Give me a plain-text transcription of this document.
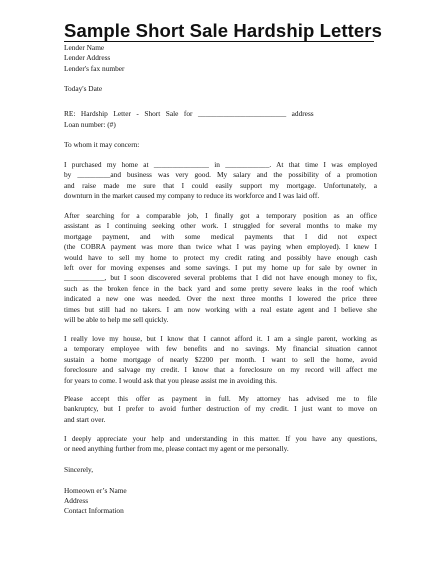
Sample Short Sale Hardship Letters
Lender Name
Lender Address
Lender's fax number
Today's Date
RE:   Hardship   Letter   -   Short   Sale   for   ________________________   address
Loan number: (#)
To whom it may concern:
I purchased my home at _______________ in ____________. At that time I was employed
by _________and business was very good. My salary and the possibility of a promotion
and raise made me sure that I could easily support my mortgage. Unfortunately, a
downturn in the market caused my company to reduce its workforce and I was laid off.
After searching for a comparable job, I finally got a temporary position as an office
assistant as I continuing seeking other work. I struggled for several months to make my
mortgage payment, and with some medical payments that I did not expect
(the COBRA payment was more than twice what I was paying when employed). I knew I
would have to sell my home to protect my credit rating and possibly have enough cash
left over for moving expenses and some savings. I put my home up for sale by owner in
___________, but I soon discovered several problems that I did not have enough money to fix,
such as the broken fence in the back yard and some pretty severe leaks in the roof which
indicated a new one was needed. Over the next three months I lowered the price three
times but still had no takers. I am now working with a real estate agent and I believe she
will be able to help me sell quickly.
I really love my house, but I know that I cannot afford it. I am a single parent, working as
a temporary employee with few benefits and no savings. My financial situation cannot
sustain a home mortgage of nearly $2200 per month. I want to sell the home, avoid
foreclosure and salvage my credit. I know that a foreclosure on my record will affect me
for years to come. I would ask that you please assist me in avoiding this.
Please accept this offer as payment in full. My attorney has advised me to file
bankruptcy, but I prefer to avoid further destruction of my credit. I just want to move on
and start over.
I deeply appreciate your help and understanding in this matter. If you have any questions,
or need anything further from me, please contact my agent or me personally.
Sincerely,
Homeown er’s Name
Address
Contact Information
